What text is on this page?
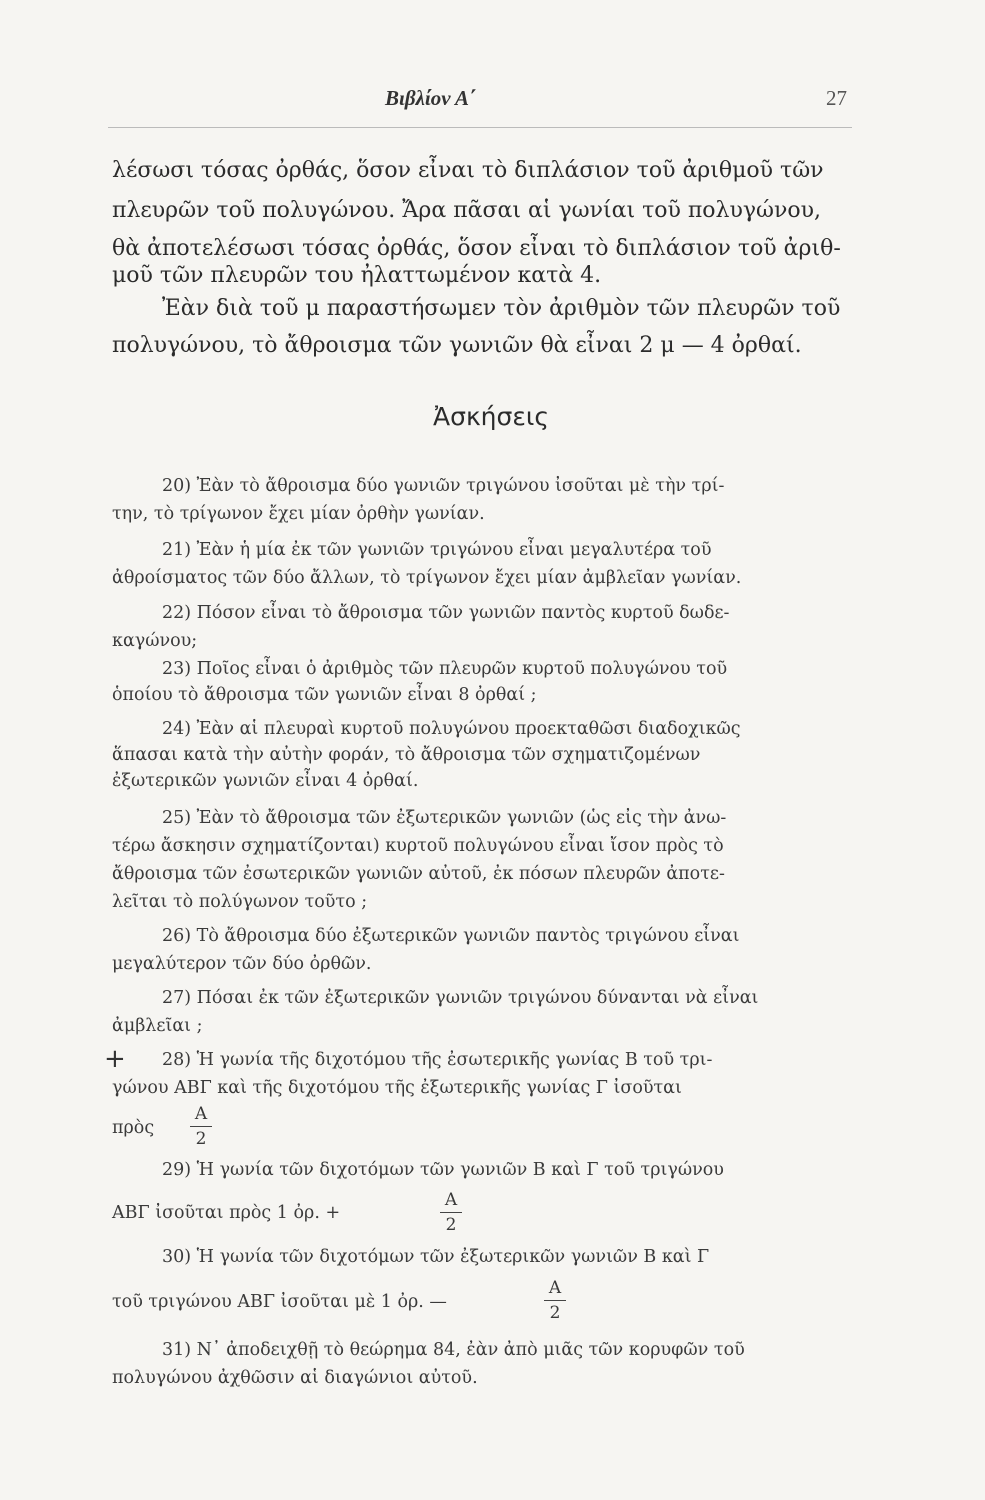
Βιβλίον Α΄	27

λέσωσι τόσας ὀρθάς, ὅσον εἶναι τὸ διπλάσιον τοῦ ἀριθμοῦ τῶν

πλευρῶν τοῦ πολυγώνου. Ἄρα πᾶσαι αἱ γωνίαι τοῦ πολυγώνου,

θὰ ἀποτελέσωσι τόσας ὀρθάς, ὅσον εἶναι τὸ διπλάσιον τοῦ ἀριθ-

μοῦ τῶν πλευρῶν του ἠλαττωμένον κατὰ 4.

Ἐὰν διὰ τοῦ μ παραστήσωμεν τὸν ἀριθμὸν τῶν πλευρῶν τοῦ

πολυγώνου, τὸ ἄθροισμα τῶν γωνιῶν θὰ εἶναι 2 μ — 4 ὀρθαί.

Ἀσκήσεις

20) Ἐὰν τὸ ἄθροισμα δύο γωνιῶν τριγώνου ἰσοῦται μὲ τὴν τρί-

την, τὸ τρίγωνον ἔχει μίαν ὀρθὴν γωνίαν.

21) Ἐὰν ἡ μία ἐκ τῶν γωνιῶν τριγώνου εἶναι μεγαλυτέρα τοῦ

ἀθροίσματος τῶν δύο ἄλλων, τὸ τρίγωνον ἔχει μίαν ἀμβλεῖαν γωνίαν.

22) Πόσον εἶναι τὸ ἄθροισμα τῶν γωνιῶν παντὸς κυρτοῦ δωδε-

καγώνου;

23) Ποῖος εἶναι ὁ ἀριθμὸς τῶν πλευρῶν κυρτοῦ πολυγώνου τοῦ

ὁποίου τὸ ἄθροισμα τῶν γωνιῶν εἶναι 8 ὀρθαί ;

24) Ἐὰν αἱ πλευραὶ κυρτοῦ πολυγώνου προεκταθῶσι διαδοχικῶς

ἅπασαι κατὰ τὴν αὐτὴν φοράν, τὸ ἄθροισμα τῶν σχηματιζομένων

ἐξωτερικῶν γωνιῶν εἶναι 4 ὀρθαί.

25) Ἐὰν τὸ ἄθροισμα τῶν ἐξωτερικῶν γωνιῶν (ὡς εἰς τὴν ἀνω-

τέρω ἄσκησιν σχηματίζονται) κυρτοῦ πολυγώνου εἶναι ἴσον πρὸς τὸ

ἄθροισμα τῶν ἐσωτερικῶν γωνιῶν αὐτοῦ, ἐκ πόσων πλευρῶν ἀποτε-

λεῖται τὸ πολύγωνον τοῦτο ;

26) Τὸ ἄθροισμα δύο ἐξωτερικῶν γωνιῶν παντὸς τριγώνου εἶναι

μεγαλύτερον τῶν δύο ὀρθῶν.

27) Πόσαι ἐκ τῶν ἐξωτερικῶν γωνιῶν τριγώνου δύνανται νὰ εἶναι

ἀμβλεῖαι ;

+ 28) Ἡ γωνία τῆς διχοτόμου τῆς ἐσωτερικῆς γωνίας Β τοῦ τρι-

γώνου ΑΒΓ καὶ τῆς διχοτόμου τῆς ἐξωτερικῆς γωνίας Γ ἰσοῦται

πρὸς

Α
2

29) Ἡ γωνία τῶν διχοτόμων τῶν γωνιῶν Β καὶ Γ τοῦ τριγώνου

ΑΒΓ ἰσοῦται πρὸς 1 ὀρ. +

Α
2

30) Ἡ γωνία τῶν διχοτόμων τῶν ἐξωτερικῶν γωνιῶν Β καὶ Γ

τοῦ τριγώνου ΑΒΓ ἰσοῦται μὲ 1 ὀρ. —

Α
2

31) Ν᾽ ἀποδειχθῇ τὸ θεώρημα 84, ἐὰν ἀπὸ μιᾶς τῶν κορυφῶν τοῦ

πολυγώνου ἀχθῶσιν αἱ διαγώνιοι αὐτοῦ.
